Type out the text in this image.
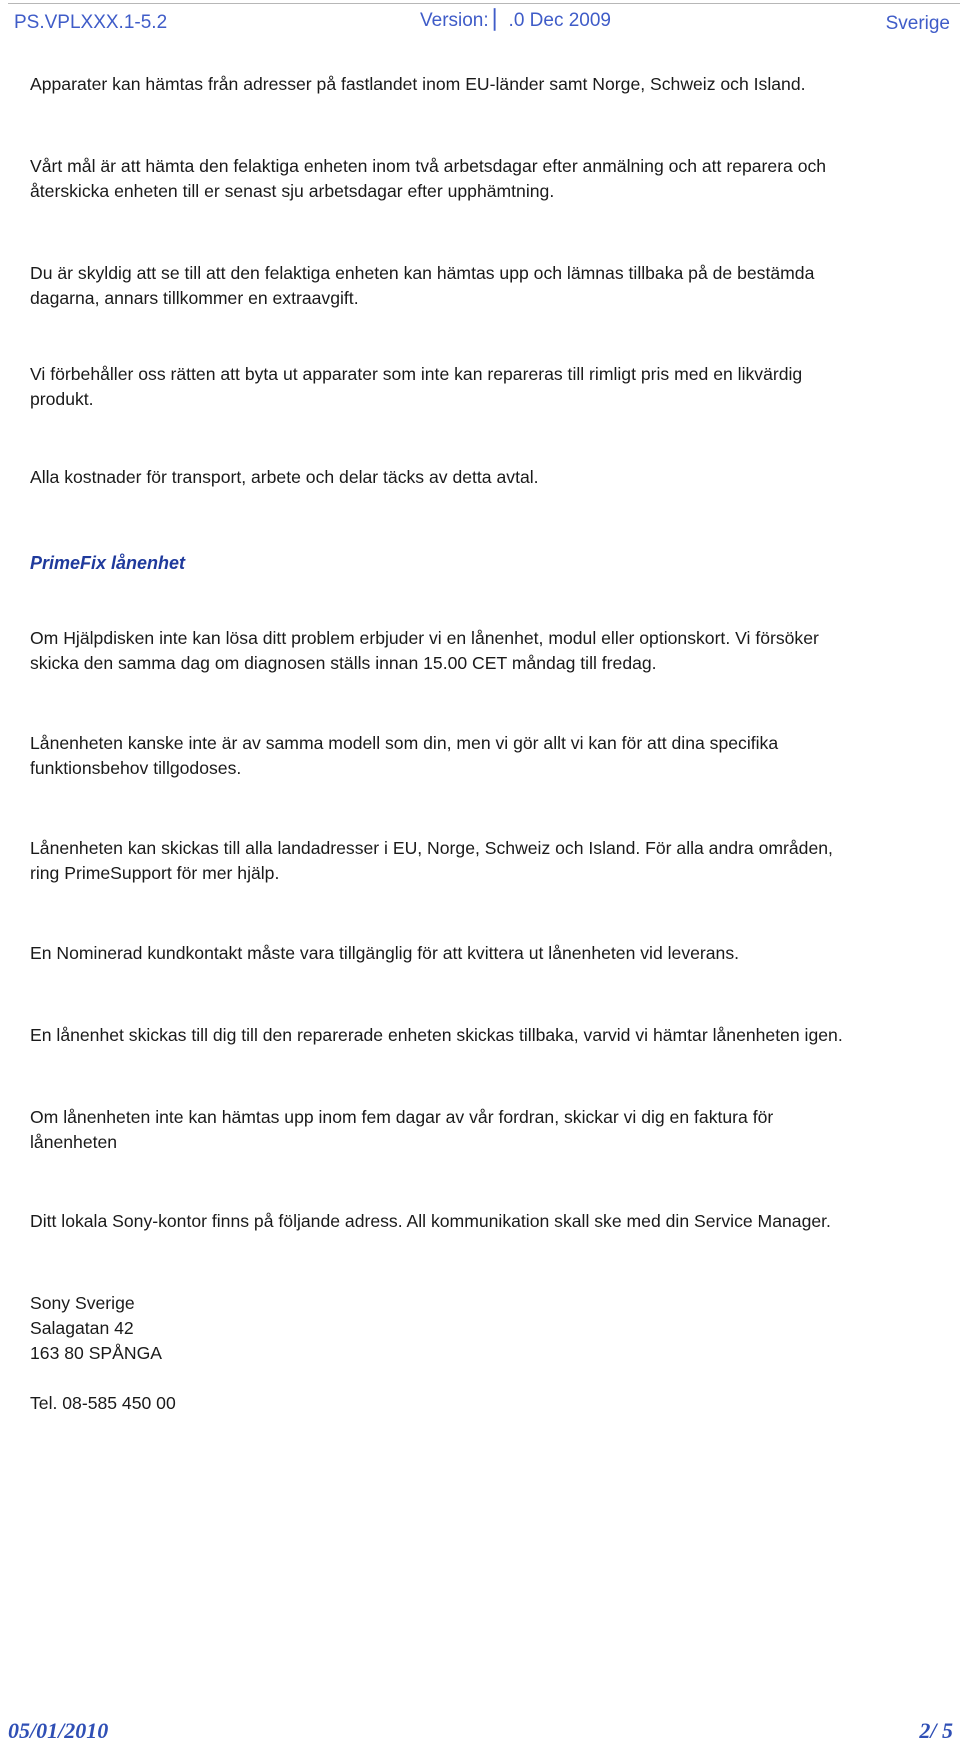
PS.VPLXXX.1-5.2	Version: ▏.0 Dec 2009	Sverige

Apparater kan hämtas från adresser på fastlandet inom EU-länder samt Norge, Schweiz och Island.

Vårt mål är att hämta den felaktiga enheten inom två arbetsdagar efter anmälning och att reparera och
återskicka enheten till er senast sju arbetsdagar efter upphämtning.

Du är skyldig att se till att den felaktiga enheten kan hämtas upp och lämnas tillbaka på de bestämda
dagarna, annars tillkommer en extraavgift.

Vi förbehåller oss rätten att byta ut apparater som inte kan repareras till rimligt pris med en likvärdig
produkt.

Alla kostnader för transport, arbete och delar täcks av detta avtal.

PrimeFix lånenhet

Om Hjälpdisken inte kan lösa ditt problem erbjuder vi en lånenhet, modul eller optionskort. Vi försöker
skicka den samma dag om diagnosen ställs innan 15.00 CET måndag till fredag.

Lånenheten kanske inte är av samma modell som din, men vi gör allt vi kan för att dina specifika
funktionsbehov tillgodoses.

Lånenheten kan skickas till alla landadresser i EU, Norge, Schweiz och Island. För alla andra områden,
ring PrimeSupport för mer hjälp.

En Nominerad kundkontakt måste vara tillgänglig för att kvittera ut lånenheten vid leverans.

En lånenhet skickas till dig till den reparerade enheten skickas tillbaka, varvid vi hämtar lånenheten igen.

Om lånenheten inte kan hämtas upp inom fem dagar av vår fordran, skickar vi dig en faktura för
lånenheten

Ditt lokala Sony-kontor finns på följande adress. All kommunikation skall ske med din Service Manager.

Sony Sverige
Salagatan 42
163 80 SPÅNGA

Tel. 08-585 450 00

05/01/2010	2/ 5
